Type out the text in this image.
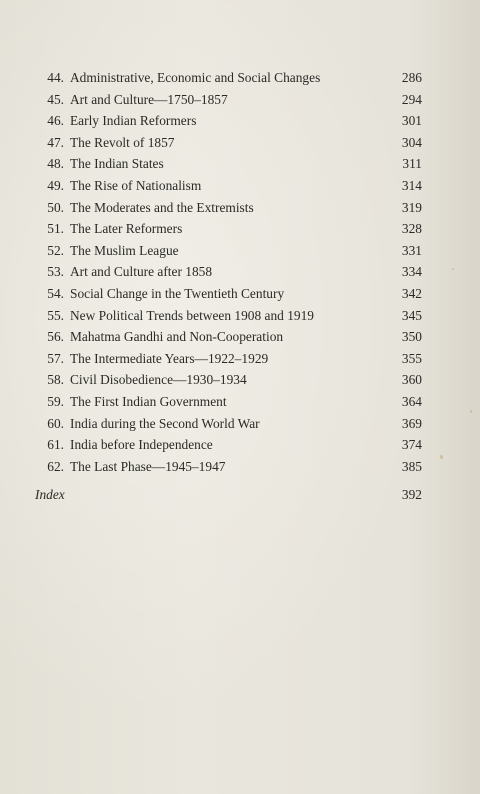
44. Administrative, Economic and Social Changes	286
45. Art and Culture—1750–1857	294
46. Early Indian Reformers	301
47. The Revolt of 1857	304
48. The Indian States	311
49. The Rise of Nationalism	314
50. The Moderates and the Extremists	319
51. The Later Reformers	328
52. The Muslim League	331
53. Art and Culture after 1858	334
54. Social Change in the Twentieth Century	342
55. New Political Trends between 1908 and 1919	345
56. Mahatma Gandhi and Non-Cooperation	350
57. The Intermediate Years—1922–1929	355
58. Civil Disobedience—1930–1934	360
59. The First Indian Government	364
60. India during the Second World War	369
61. India before Independence	374
62. The Last Phase—1945–1947	385
Index	392
